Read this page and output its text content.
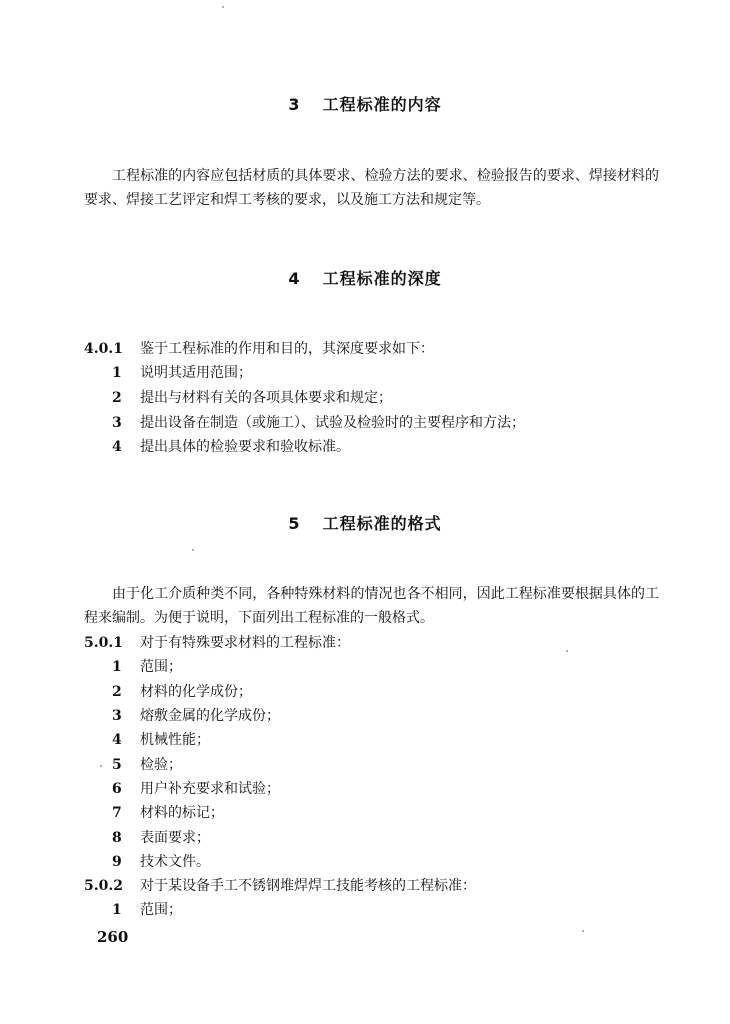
3 工程标准的内容

工程标准的内容应包括材质的具体要求、检验方法的要求、检验报告的要求、焊接材料的要求、焊接工艺评定和焊工考核的要求，以及施工方法和规定等。

4 工程标准的深度
4.0.1 鉴于工程标准的作用和目的，其深度要求如下：
1 说明其适用范围；
2 提出与材料有关的各项具体要求和规定；
3 提出设备在制造（或施工）、试验及检验时的主要程序和方法；
4 提出具体的检验要求和验收标准。
5 工程标准的格式

由于化工介质种类不同，各种特殊材料的情况也各不相同，因此工程标准要根据具体的工程来编制。为便于说明，下面列出工程标准的一般格式。

5.0.1 对于有特殊要求材料的工程标准：
1 范围；
2 材料的化学成份；
3 熔敷金属的化学成份；
4 机械性能；
5 检验；
6 用户补充要求和试验；
7 材料的标记；
8 表面要求；
9 技术文件。
5.0.2 对于某设备手工不锈钢堆焊焊工技能考核的工程标准：
1 范围；
260
